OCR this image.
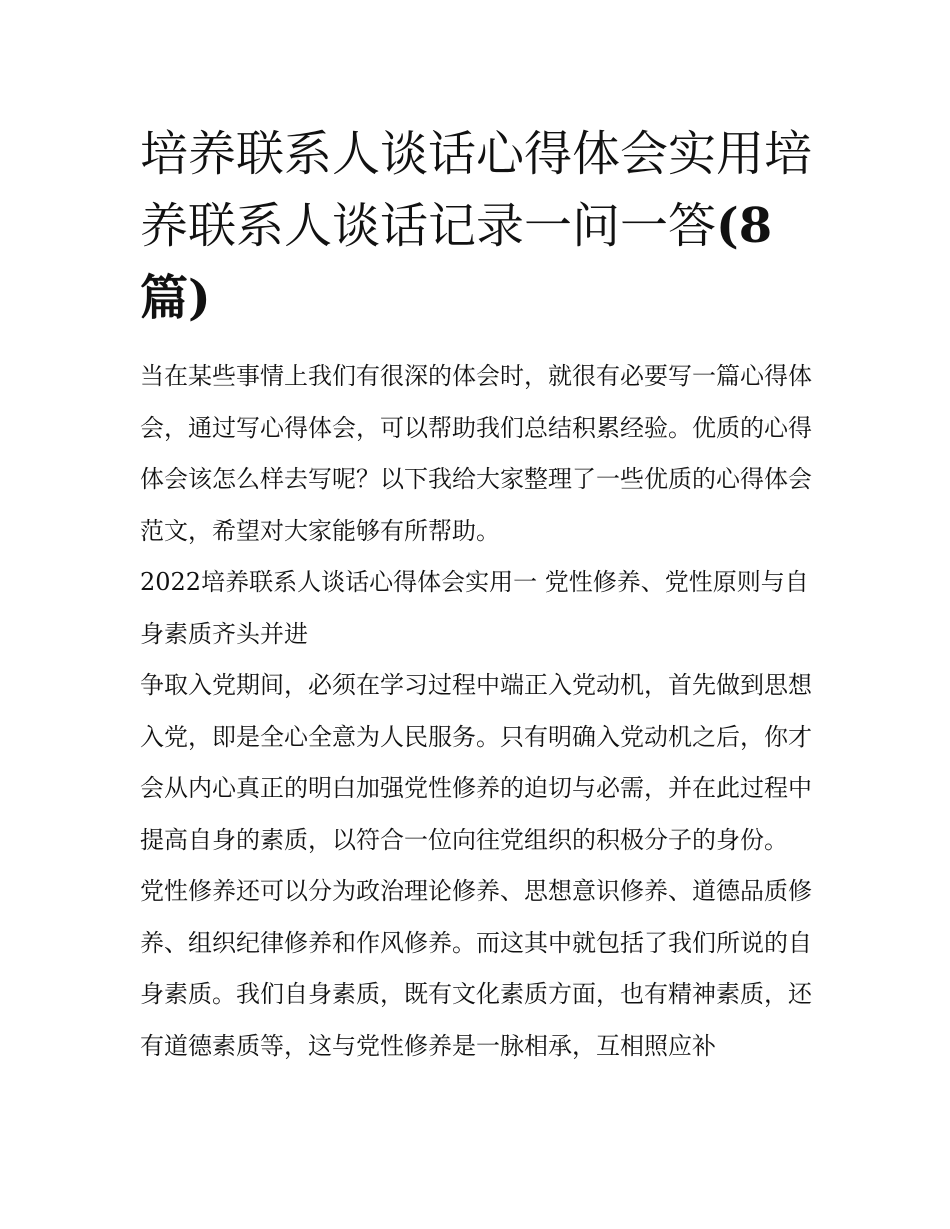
培养联系人谈话心得体会实用培养联系人谈话记录一问一答(8篇)

当在某些事情上我们有很深的体会时，就很有必要写一篇心得体会，通过写心得体会，可以帮助我们总结积累经验。优质的心得体会该怎么样去写呢？以下我给大家整理了一些优质的心得体会范文，希望对大家能够有所帮助。

2022培养联系人谈话心得体会实用一 党性修养、党性原则与自身素质齐头并进

争取入党期间，必须在学习过程中端正入党动机，首先做到思想入党，即是全心全意为人民服务。只有明确入党动机之后，你才会从内心真正的明白加强党性修养的迫切与必需，并在此过程中提高自身的素质，以符合一位向往党组织的积极分子的身份。

党性修养还可以分为政治理论修养、思想意识修养、道德品质修养、组织纪律修养和作风修养。而这其中就包括了我们所说的自身素质。我们自身素质，既有文化素质方面，也有精神素质，还有道德素质等，这与党性修养是一脉相承，互相照应补
